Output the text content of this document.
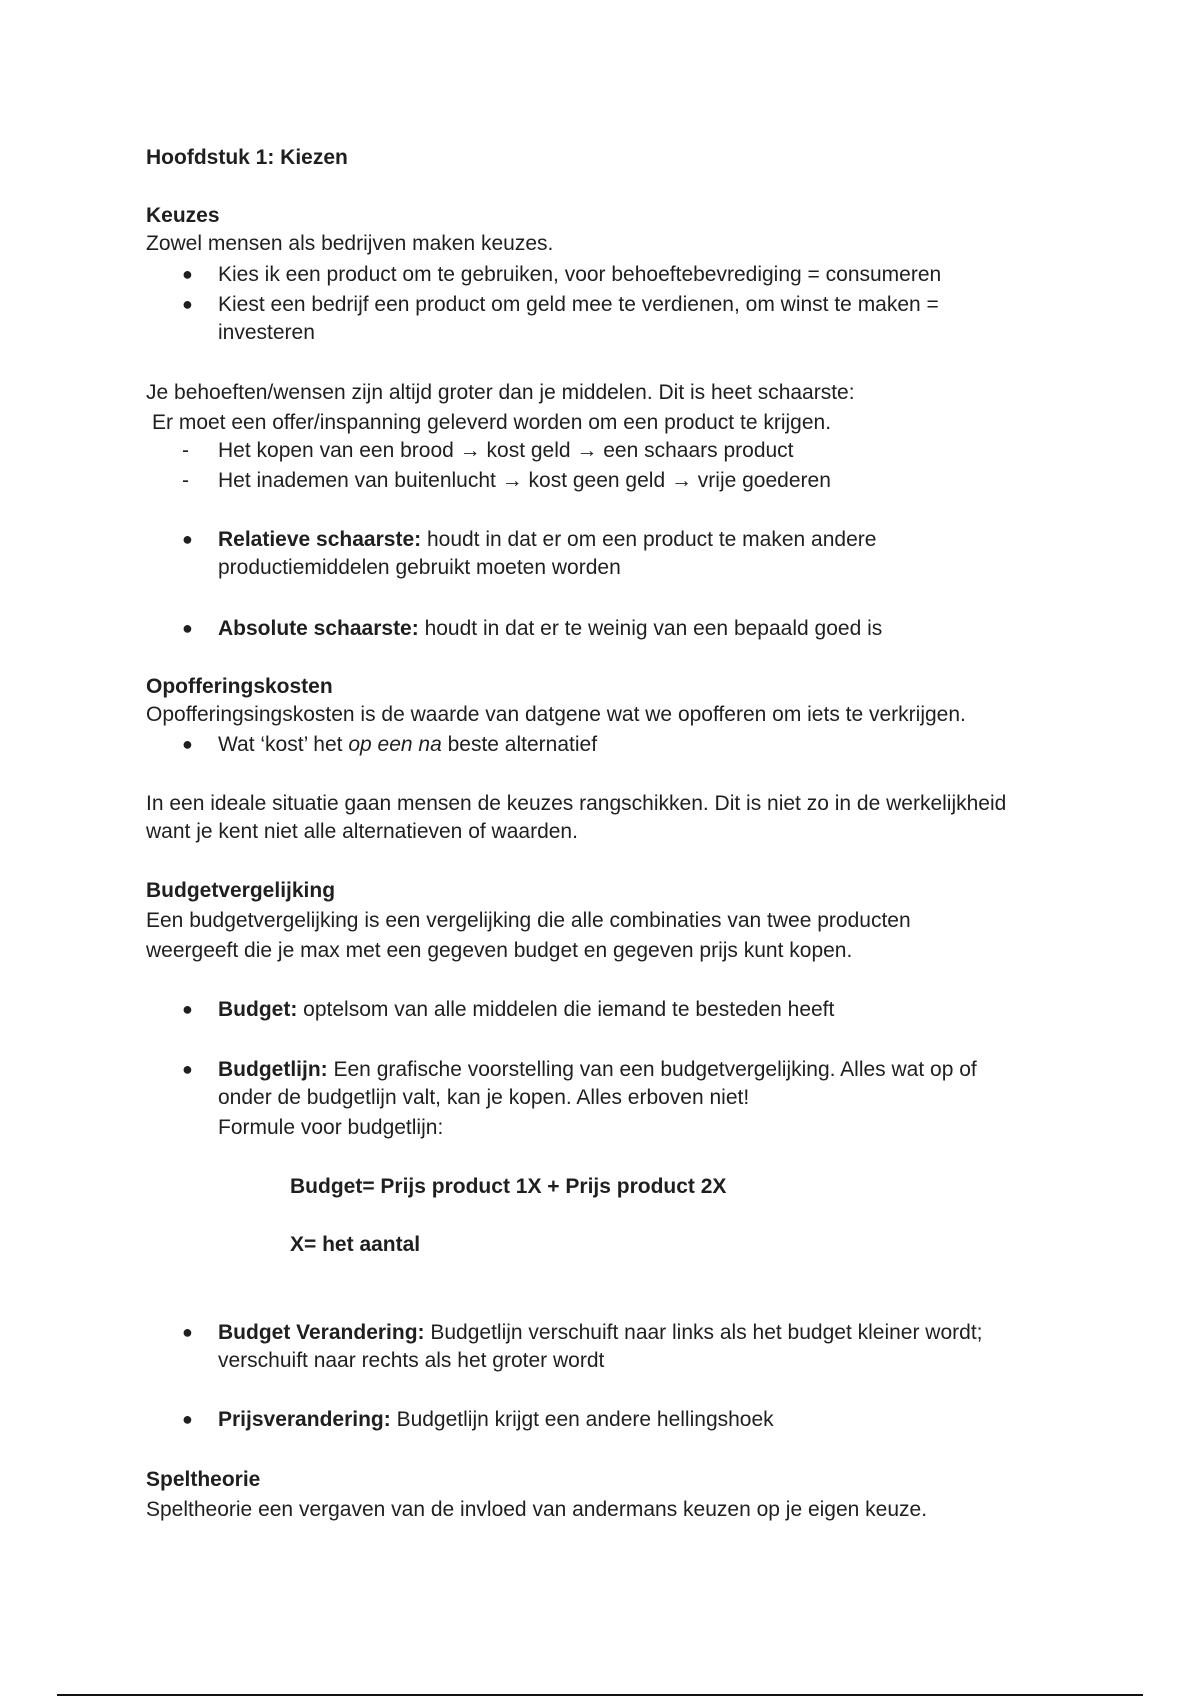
Hoofdstuk 1: Kiezen
Keuzes
Zowel mensen als bedrijven maken keuzes.
● Kies ik een product om te gebruiken, voor behoeftebevrediging = consumeren
● Kiest een bedrijf een product om geld mee te verdienen, om winst te maken =
investeren
Je behoeften/wensen zijn altijd groter dan je middelen. Dit is heet schaarste:
Er moet een offer/inspanning geleverd worden om een product te krijgen.
- Het kopen van een brood → kost geld → een schaars product
- Het inademen van buitenlucht → kost geen geld → vrije goederen
● Relatieve schaarste: houdt in dat er om een product te maken andere
productiemiddelen gebruikt moeten worden
● Absolute schaarste: houdt in dat er te weinig van een bepaald goed is
Opofferingskosten
Opofferingsingskosten is de waarde van datgene wat we opofferen om iets te verkrijgen.
● Wat ‘kost’ het op een na beste alternatief
In een ideale situatie gaan mensen de keuzes rangschikken. Dit is niet zo in de werkelijkheid
want je kent niet alle alternatieven of waarden.
Budgetvergelijking
Een budgetvergelijking is een vergelijking die alle combinaties van twee producten
weergeeft die je max met een gegeven budget en gegeven prijs kunt kopen.
● Budget: optelsom van alle middelen die iemand te besteden heeft
● Budgetlijn: Een grafische voorstelling van een budgetvergelijking. Alles wat op of
onder de budgetlijn valt, kan je kopen. Alles erboven niet!
Formule voor budgetlijn:
Budget= Prijs product 1X + Prijs product 2X
X= het aantal
● Budget Verandering: Budgetlijn verschuift naar links als het budget kleiner wordt;
verschuift naar rechts als het groter wordt
● Prijsverandering: Budgetlijn krijgt een andere hellingshoek
Speltheorie
Speltheorie een vergaven van de invloed van andermans keuzen op je eigen keuze.
